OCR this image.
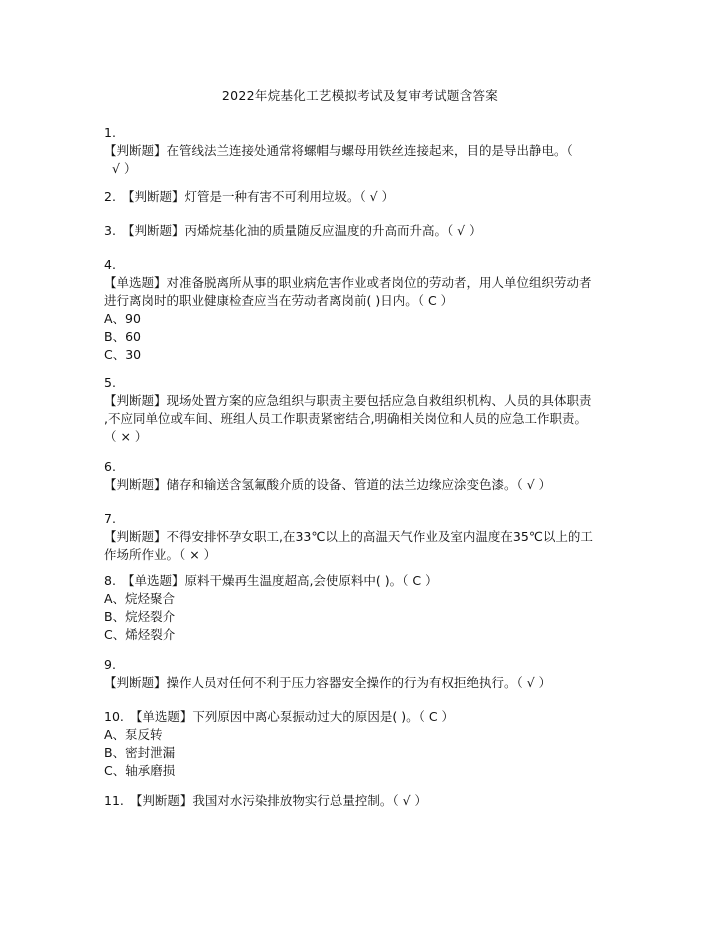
2022年烷基化工艺模拟考试及复审考试题含答案
1.

【判断题】在管线法兰连接处通常将螺帽与螺母用铁丝连接起来，目的是导出静电。（

√ ）

2. 【判断题】灯管是一种有害不可利用垃圾。（ √ ）

3. 【判断题】丙烯烷基化油的质量随反应温度的升高而升高。（ √ ）

4.

【单选题】对准备脱离所从事的职业病危害作业或者岗位的劳动者，用人单位组织劳动者

进行离岗时的职业健康检查应当在劳动者离岗前( )日内。（ C ）

A、90
B、60
C、30
5.

【判断题】现场处置方案的应急组织与职责主要包括应急自救组织机构、人员的具体职责

,不应同单位或车间、班组人员工作职责紧密结合,明确相关岗位和人员的应急工作职责。

（ × ）

6.

【判断题】储存和输送含氢氟酸介质的设备、管道的法兰边缘应涂变色漆。（ √ ）

7.

【判断题】不得安排怀孕女职工,在33℃以上的高温天气作业及室内温度在35℃以上的工

作场所作业。（ × ）

8. 【单选题】原料干燥再生温度超高,会使原料中( )。（ C ）

A、烷烃聚合
B、烷烃裂介
C、烯烃裂介
9.

【判断题】操作人员对任何不利于压力容器安全操作的行为有权拒绝执行。（ √ ）

10. 【单选题】下列原因中离心泵振动过大的原因是( )。（ C ）

A、泵反转
B、密封泄漏
C、轴承磨损

11. 【判断题】我国对水污染排放物实行总量控制。（ √ ）
